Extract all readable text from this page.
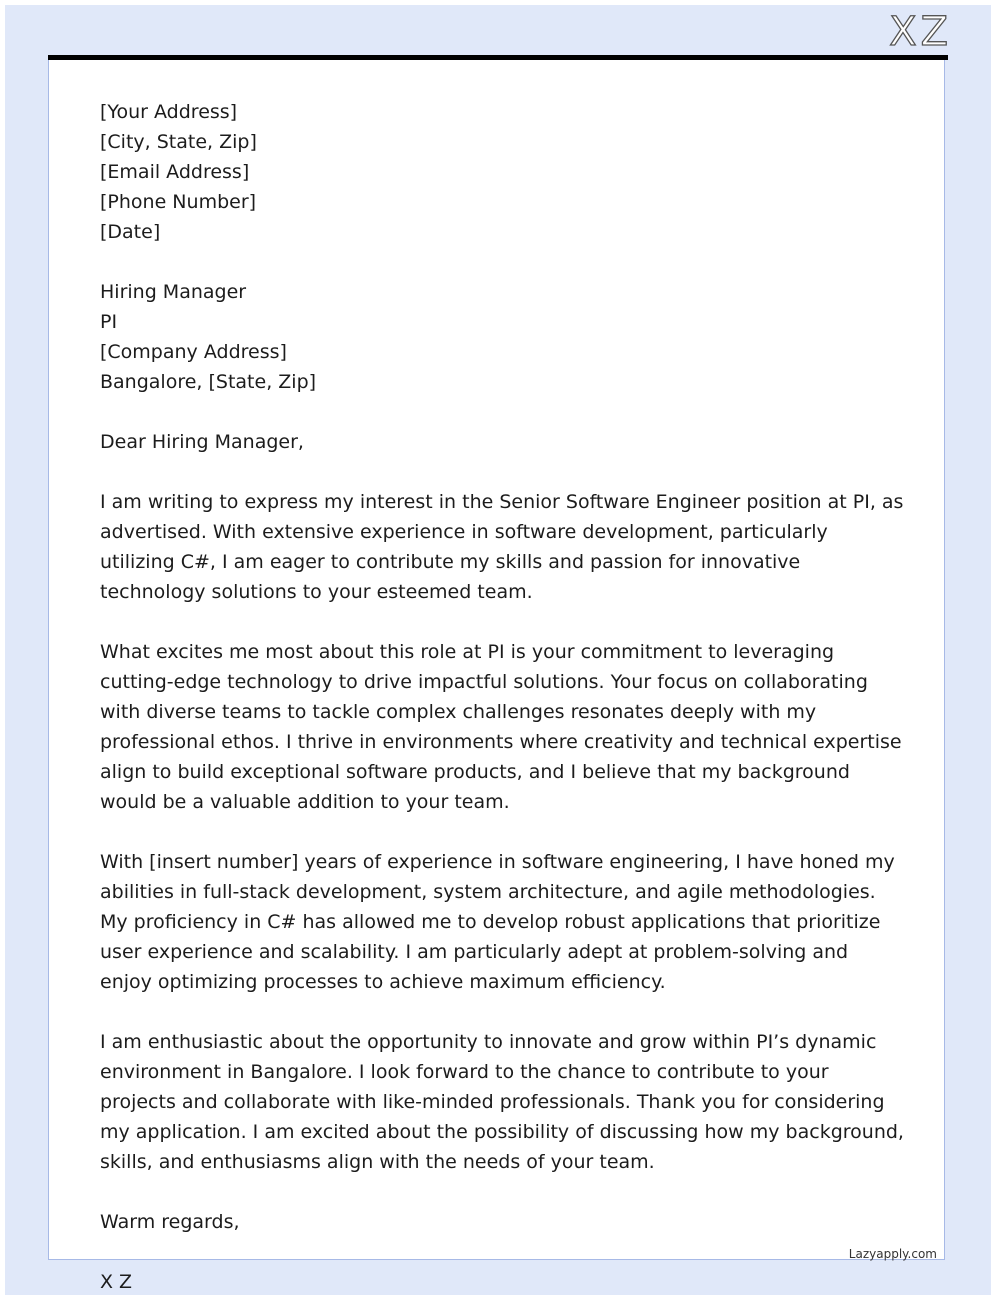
XZ
[Your Address]
[City, State, Zip]
[Email Address]
[Phone Number]
[Date]
Hiring Manager
PI
[Company Address]
Bangalore, [State, Zip]
Dear Hiring Manager,
I am writing to express my interest in the Senior Software Engineer position at PI, as advertised. With extensive experience in software development, particularly utilizing C#, I am eager to contribute my skills and passion for innovative technology solutions to your esteemed team.
What excites me most about this role at PI is your commitment to leveraging cutting-edge technology to drive impactful solutions. Your focus on collaborating with diverse teams to tackle complex challenges resonates deeply with my professional ethos. I thrive in environments where creativity and technical expertise align to build exceptional software products, and I believe that my background would be a valuable addition to your team.
With [insert number] years of experience in software engineering, I have honed my abilities in full-stack development, system architecture, and agile methodologies. My proficiency in C# has allowed me to develop robust applications that prioritize user experience and scalability. I am particularly adept at problem-solving and enjoy optimizing processes to achieve maximum efficiency.
I am enthusiastic about the opportunity to innovate and grow within PI’s dynamic environment in Bangalore. I look forward to the chance to contribute to your projects and collaborate with like-minded professionals. Thank you for considering my application. I am excited about the possibility of discussing how my background, skills, and enthusiasms align with the needs of your team.
Warm regards,
X Z
Lazyapply.com
